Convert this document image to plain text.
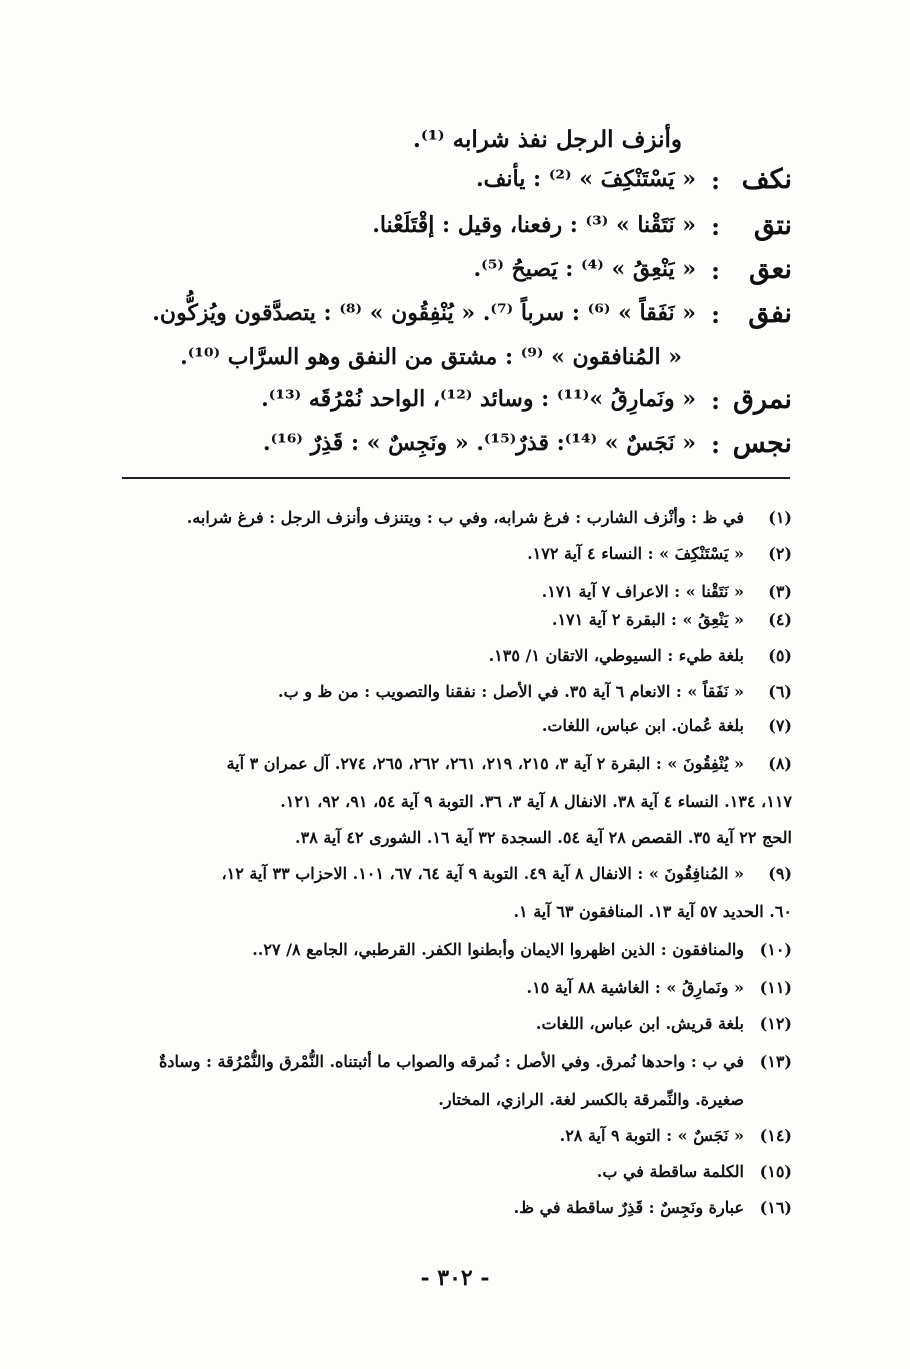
وأنزف الرجل نفذ شرابه ⁽¹⁾.
نكف
:
« يَسْتَنْكِفَ » ⁽²⁾ : يأنف.
نتق
:
« نَتَقْنا » ⁽³⁾ : رفعنا، وقيل : إقْتَلَعْنا.
نعق
:
« يَنْعِقُ » ⁽⁴⁾ : يَصيحُ ⁽⁵⁾.
نفق
:
« نَفَقاً » ⁽⁶⁾ : سرباً ⁽⁷⁾. « يُنْفِقُون » ⁽⁸⁾ : يتصدَّقون ويُزكُّون.
« المُنافقون » ⁽⁹⁾ : مشتق من النفق وهو السرَّاب ⁽¹⁰⁾.
نمرق
:
« ونَمارِقُ »⁽¹¹⁾ : وسائد ⁽¹²⁾، الواحد نُمْرُقَه ⁽¹³⁾.
نجس
:
« نَجَسٌ » ⁽¹⁴⁾: قذرٌ⁽¹⁵⁾. « ونَجِسٌ » : قَذِرٌ ⁽¹⁶⁾.
(١)
في ظ : وأنْزف الشارب : فرغ شرابه، وفي ب : ويتنزف وأنزف الرجل : فرغ شرابه.
(٢)
« يَسْتَنْكِفَ » : النساء ٤ آية ١٧٢.
(٣)
« نَتَقْنا » : الاعراف ٧ آية ١٧١.
(٤)
« يَنْعِقُ » : البقرة ٢ آية ١٧١.
(٥)
بلغة طيء : السيوطي، الاتقان ١/ ١٣٥.
(٦)
« نَفَقاً » : الانعام ٦ آية ٣٥. في الأصل : نفقنا والتصويب : من ظ و ب.
(٧)
بلغة عُمان. ابن عباس، اللغات.
(٨)
« يُنْفِقُونَ » : البقرة ٢ آية ٣، ٢١٥، ٢١٩، ٢٦١، ٢٦٢، ٢٦٥، ٢٧٤. آل عمران ٣ آية
١١٧، ١٣٤. النساء ٤ آية ٣٨. الانفال ٨ آية ٣، ٣٦. التوبة ٩ آية ٥٤، ٩١، ٩٢، ١٢١.
الحج ٢٢ آية ٣٥. القصص ٢٨ آية ٥٤. السجدة ٣٢ آية ١٦. الشورى ٤٢ آية ٣٨.
(٩)
« المُنافِقُونَ » : الانفال ٨ آية ٤٩. التوبة ٩ آية ٦٤، ٦٧، ١٠١. الاحزاب ٣٣ آية ١٢،
٦٠. الحديد ٥٧ آية ١٣. المنافقون ٦٣ آية ١.
(١٠)
والمنافقون : الذين اظهروا الايمان وأبطنوا الكفر. القرطبي، الجامع ٨/ ٢٧..
(١١)
« ونَمارِقُ » : الغاشية ٨٨ آية ١٥.
(١٢)
بلغة قريش. ابن عباس، اللغات.
(١٣)
في ب : واحدها نُمرق. وفي الأصل : نُمرقه والصواب ما أثبتناه. النُّمْرق والنُّمْرُقة : وسادةٌ
صغيرة. والنِّمرقة بالكسر لغة. الرازي، المختار.
(١٤)
« نَجَسٌ » : التوبة ٩ آية ٢٨.
(١٥)
الكلمة ساقطة في ب.
(١٦)
عبارة ونَجِسٌ : قَذِرٌ ساقطة في ظ.
- ٣٠٢ -
